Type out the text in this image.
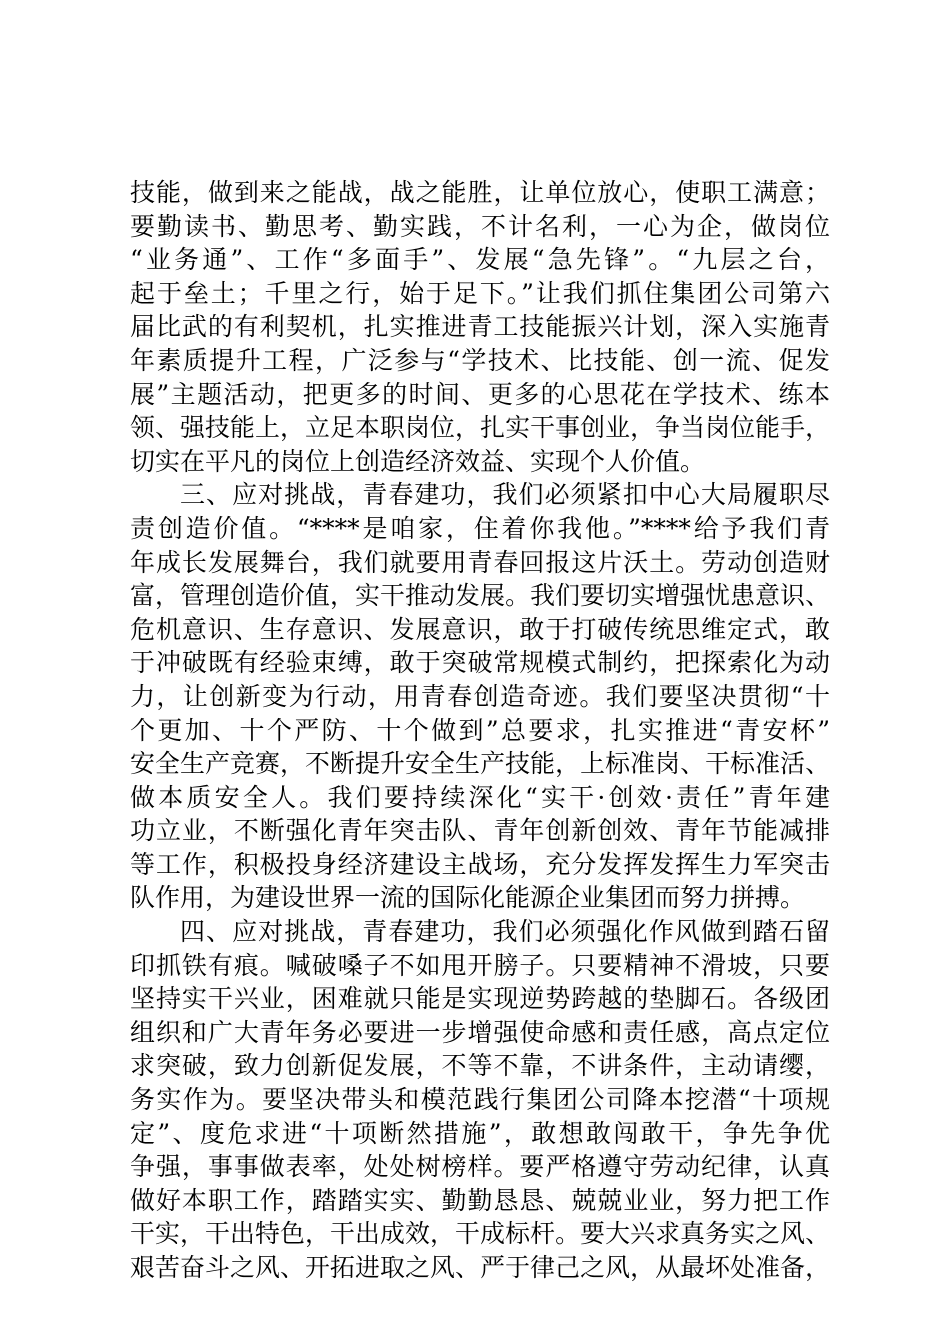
技能，做到来之能战，战之能胜，让单位放心，使职工满意；
要勤读书、勤思考、勤实践，不计名利，一心为企，做岗位
“业务通”、工作“多面手”、发展“急先锋”。“九层之台，
起于垒土；千里之行，始于足下。”让我们抓住集团公司第六
届比武的有利契机，扎实推进青工技能振兴计划，深入实施青
年素质提升工程，广泛参与“学技术、比技能、创一流、促发
展”主题活动，把更多的时间、更多的心思花在学技术、练本
领、强技能上，立足本职岗位，扎实干事创业，争当岗位能手，
切实在平凡的岗位上创造经济效益、实现个人价值。
三、应对挑战，青春建功，我们必须紧扣中心大局履职尽
责创造价值。“****是咱家，住着你我他。”****给予我们青
年成长发展舞台，我们就要用青春回报这片沃土。劳动创造财
富，管理创造价值，实干推动发展。我们要切实增强忧患意识、
危机意识、生存意识、发展意识，敢于打破传统思维定式，敢
于冲破既有经验束缚，敢于突破常规模式制约，把探索化为动
力，让创新变为行动，用青春创造奇迹。我们要坚决贯彻“十
个更加、十个严防、十个做到”总要求，扎实推进“青安杯”
安全生产竞赛，不断提升安全生产技能，上标准岗、干标准活、
做本质安全人。我们要持续深化“实干·创效·责任”青年建
功立业，不断强化青年突击队、青年创新创效、青年节能减排
等工作，积极投身经济建设主战场，充分发挥发挥生力军突击
队作用，为建设世界一流的国际化能源企业集团而努力拼搏。
四、应对挑战，青春建功，我们必须强化作风做到踏石留
印抓铁有痕。喊破嗓子不如甩开膀子。只要精神不滑坡，只要
坚持实干兴业，困难就只能是实现逆势跨越的垫脚石。各级团
组织和广大青年务必要进一步增强使命感和责任感，高点定位
求突破，致力创新促发展，不等不靠，不讲条件，主动请缨，
务实作为。要坚决带头和模范践行集团公司降本挖潜“十项规
定”、度危求进“十项断然措施”，敢想敢闯敢干，争先争优
争强，事事做表率，处处树榜样。要严格遵守劳动纪律，认真
做好本职工作，踏踏实实、勤勤恳恳、兢兢业业，努力把工作
干实，干出特色，干出成效，干成标杆。要大兴求真务实之风、
艰苦奋斗之风、开拓进取之风、严于律己之风，从最坏处准备，
